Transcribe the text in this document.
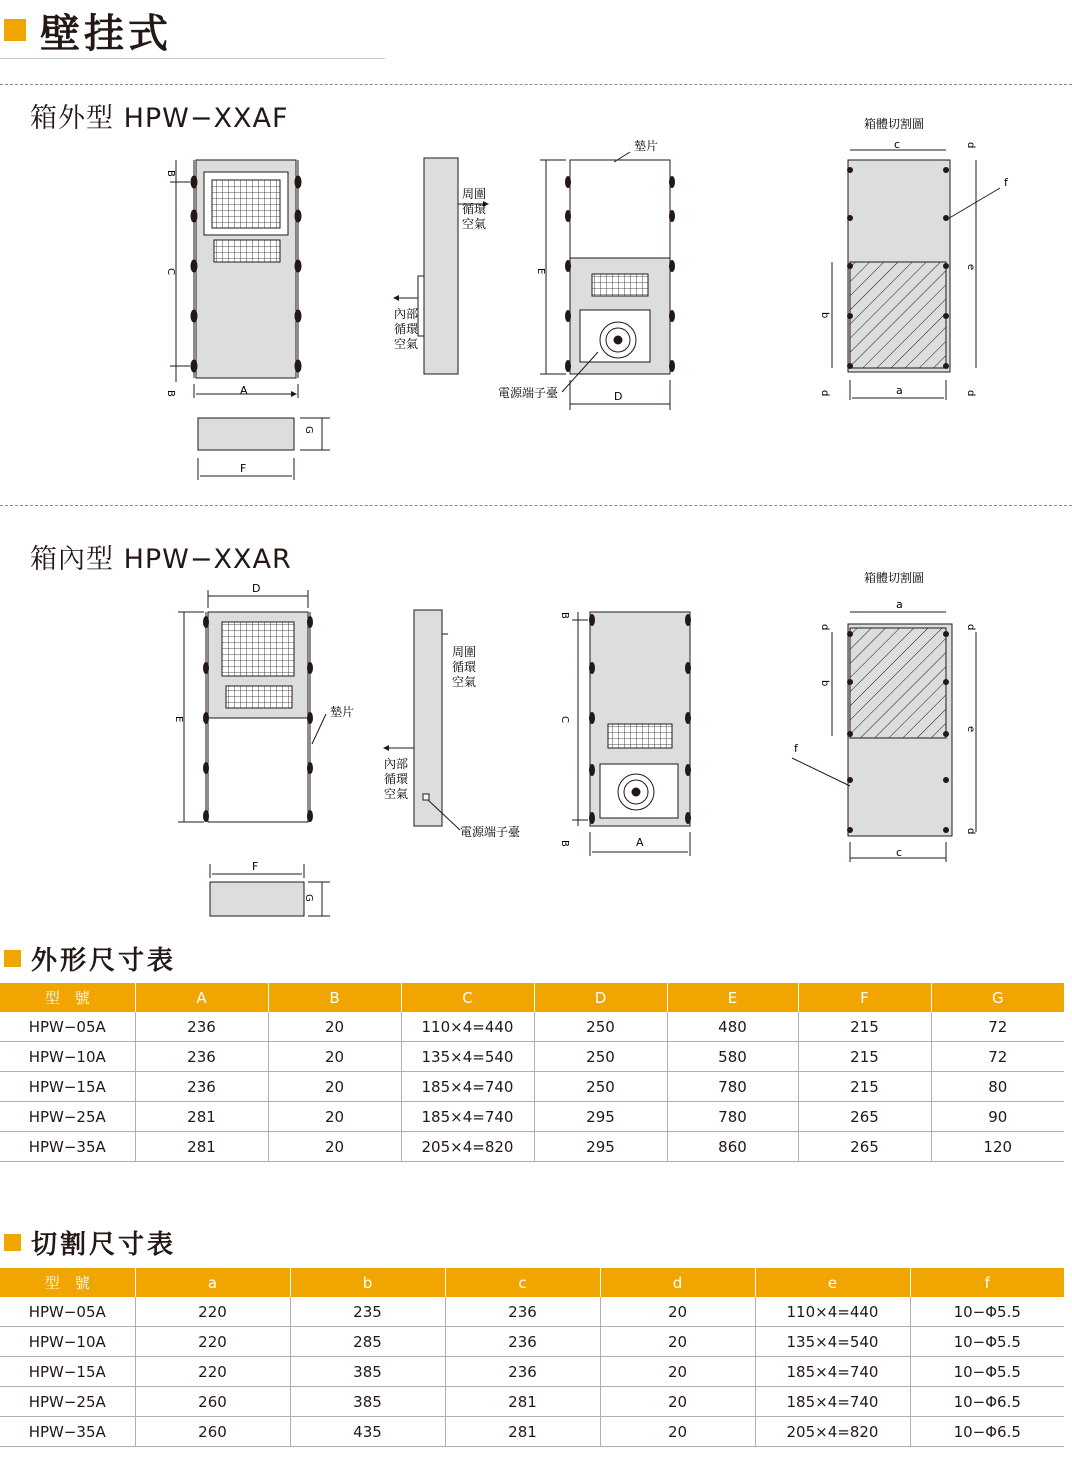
壁挂式
箱外型 HPW−XXAF
箱內型 HPW−XXAR
B
C
B	A
F
G
周圍
循環
空氣
內部
循環
空氣
墊片
E
D
電源端子臺
箱體切割圖
c
b
e
d
d	d
a
f
D
E
墊片
F
G
周圍
循環
空氣
內部
循環
空氣
電源端子臺
B
C
B	A
箱體切割圖
a
b
d	d
e
d
c
f
外形尺寸表
型　號	A	B	C	D	E	F	G
HPW−05A	236	20	110×4=440	250	480	215	72
HPW−10A	236	20	135×4=540	250	580	215	72
HPW−15A	236	20	185×4=740	250	780	215	80
HPW−25A	281	20	185×4=740	295	780	265	90
HPW−35A	281	20	205×4=820	295	860	265	120
切割尺寸表
型　號	a	b	c	d	e	f
HPW−05A	220	235	236	20	110×4=440	10−Φ5.5
HPW−10A	220	285	236	20	135×4=540	10−Φ5.5
HPW−15A	220	385	236	20	185×4=740	10−Φ5.5
HPW−25A	260	385	281	20	185×4=740	10−Φ6.5
HPW−35A	260	435	281	20	205×4=820	10−Φ6.5
